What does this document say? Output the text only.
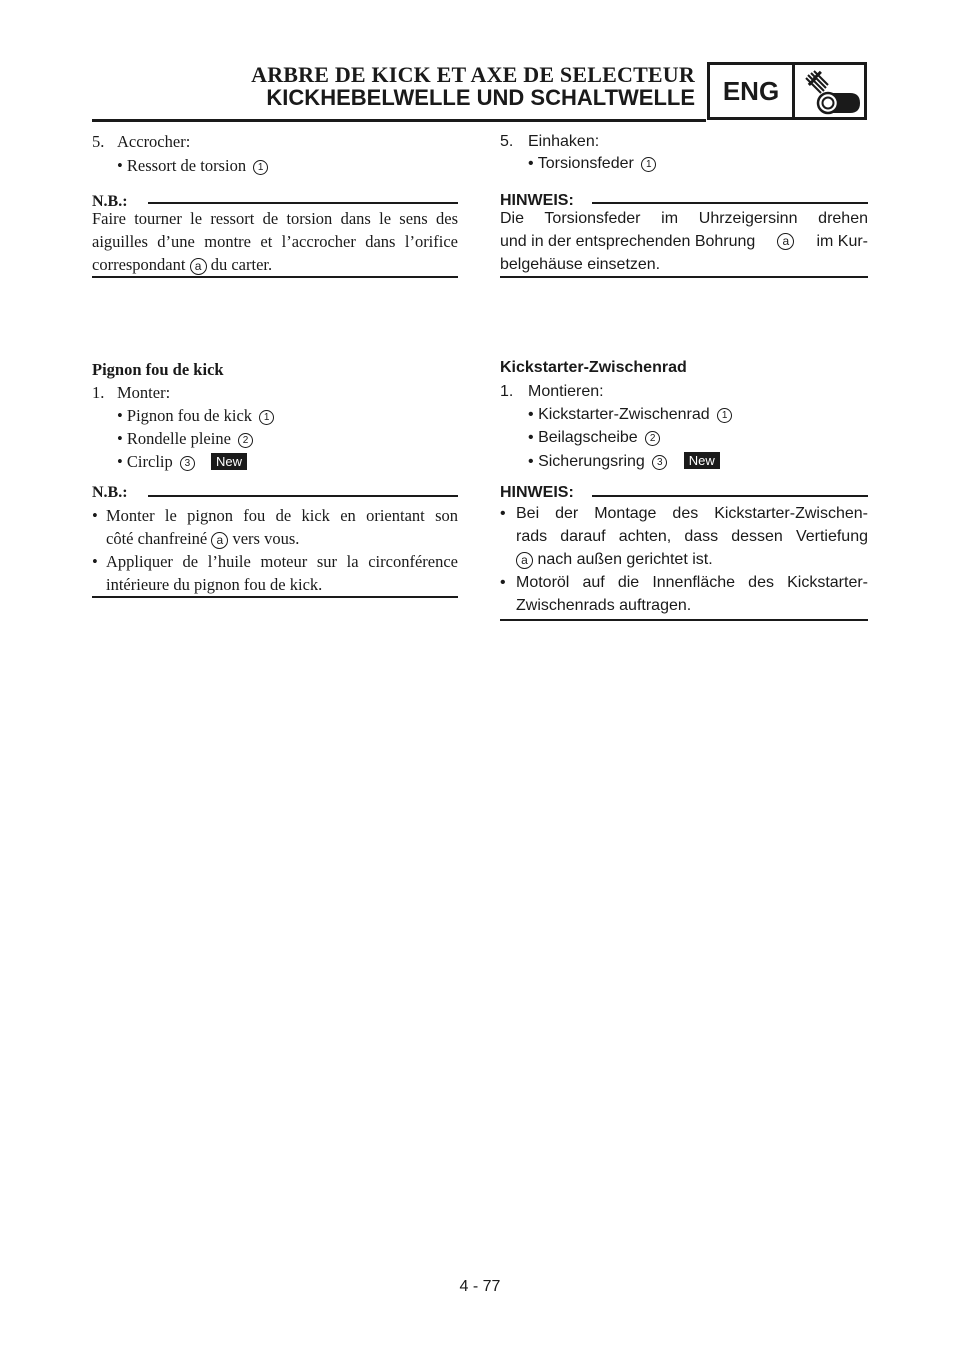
ARBRE DE KICK ET AXE DE SELECTEUR
KICKHEBELWELLE UND SCHALTWELLE	ENG
5. Accrocher:
• Ressort de torsion 1
N.B.:
Faire tourner le ressort de torsion dans le sens des
aiguilles d’une montre et l’accrocher dans l’orifice
correspondant a du carter.
Pignon fou de kick
1. Monter:
• Pignon fou de kick 1
• Rondelle pleine 2
• Circlip 3 New
N.B.:
• Monter le pignon fou de kick en orientant son
côté chanfreiné a vers vous.
• Appliquer de l’huile moteur sur la circonférence
intérieure du pignon fou de kick.
5. Einhaken:
• Torsionsfeder 1
HINWEIS:
Die Torsionsfeder im Uhrzeigersinn drehen
und in der entsprechenden Bohrung	a	im Kur-
belgehäuse einsetzen.
Kickstarter-Zwischenrad
1. Montieren:
• Kickstarter-Zwischenrad 1
• Beilagscheibe 2
• Sicherungsring 3 New
HINWEIS:
• Bei der Montage des Kickstarter-Zwischen-
rads darauf achten, dass dessen Vertiefung
a nach außen gerichtet ist.
• Motoröl auf die Innenfläche des Kickstarter-
Zwischenrads auftragen.
4 - 77
